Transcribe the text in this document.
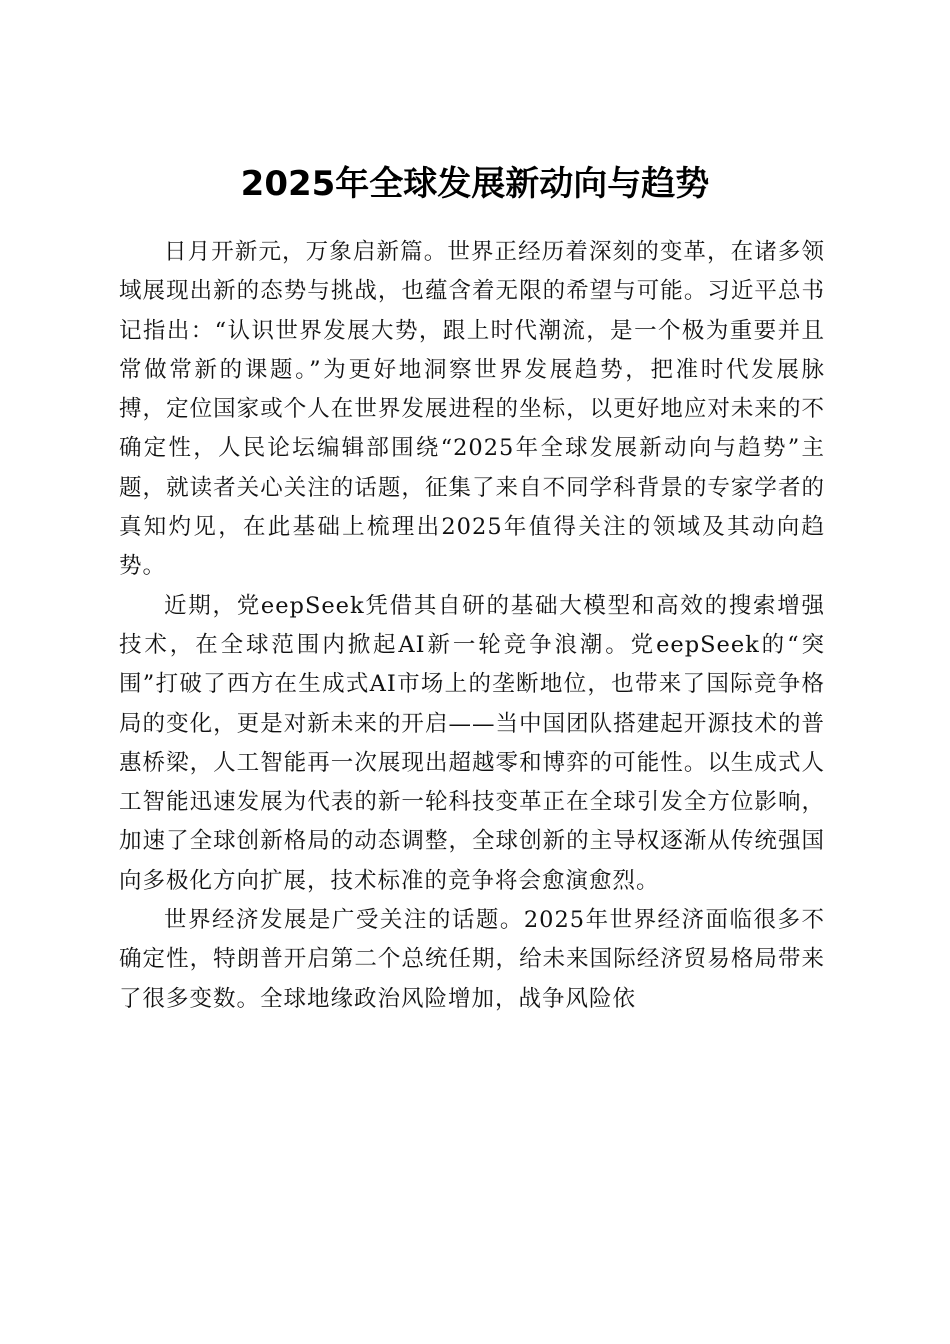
2025年全球发展新动向与趋势

日月开新元，万象启新篇。世界正经历着深刻的变革，在诸多领域展现出新的态势与挑战，也蕴含着无限的希望与可能。习近平总书记指出：“认识世界发展大势，跟上时代潮流，是一个极为重要并且常做常新的课题。”为更好地洞察世界发展趋势，把准时代发展脉搏，定位国家或个人在世界发展进程的坐标，以更好地应对未来的不确定性，人民论坛编辑部围绕“2025年全球发展新动向与趋势”主题，就读者关心关注的话题，征集了来自不同学科背景的专家学者的真知灼见，在此基础上梳理出2025年值得关注的领域及其动向趋势。

近期，党eepSeek凭借其自研的基础大模型和高效的搜索增强技术，在全球范围内掀起AI新一轮竞争浪潮。党eepSeek的“突围”打破了西方在生成式AI市场上的垄断地位，也带来了国际竞争格局的变化，更是对新未来的开启——当中国团队搭建起开源技术的普惠桥梁，人工智能再一次展现出超越零和博弈的可能性。以生成式人工智能迅速发展为代表的新一轮科技变革正在全球引发全方位影响，加速了全球创新格局的动态调整，全球创新的主导权逐渐从传统强国向多极化方向扩展，技术标准的竞争将会愈演愈烈。

世界经济发展是广受关注的话题。2025年世界经济面临很多不确定性，特朗普开启第二个总统任期，给未来国际经济贸易格局带来了很多变数。全球地缘政治风险增加，战争风险依
